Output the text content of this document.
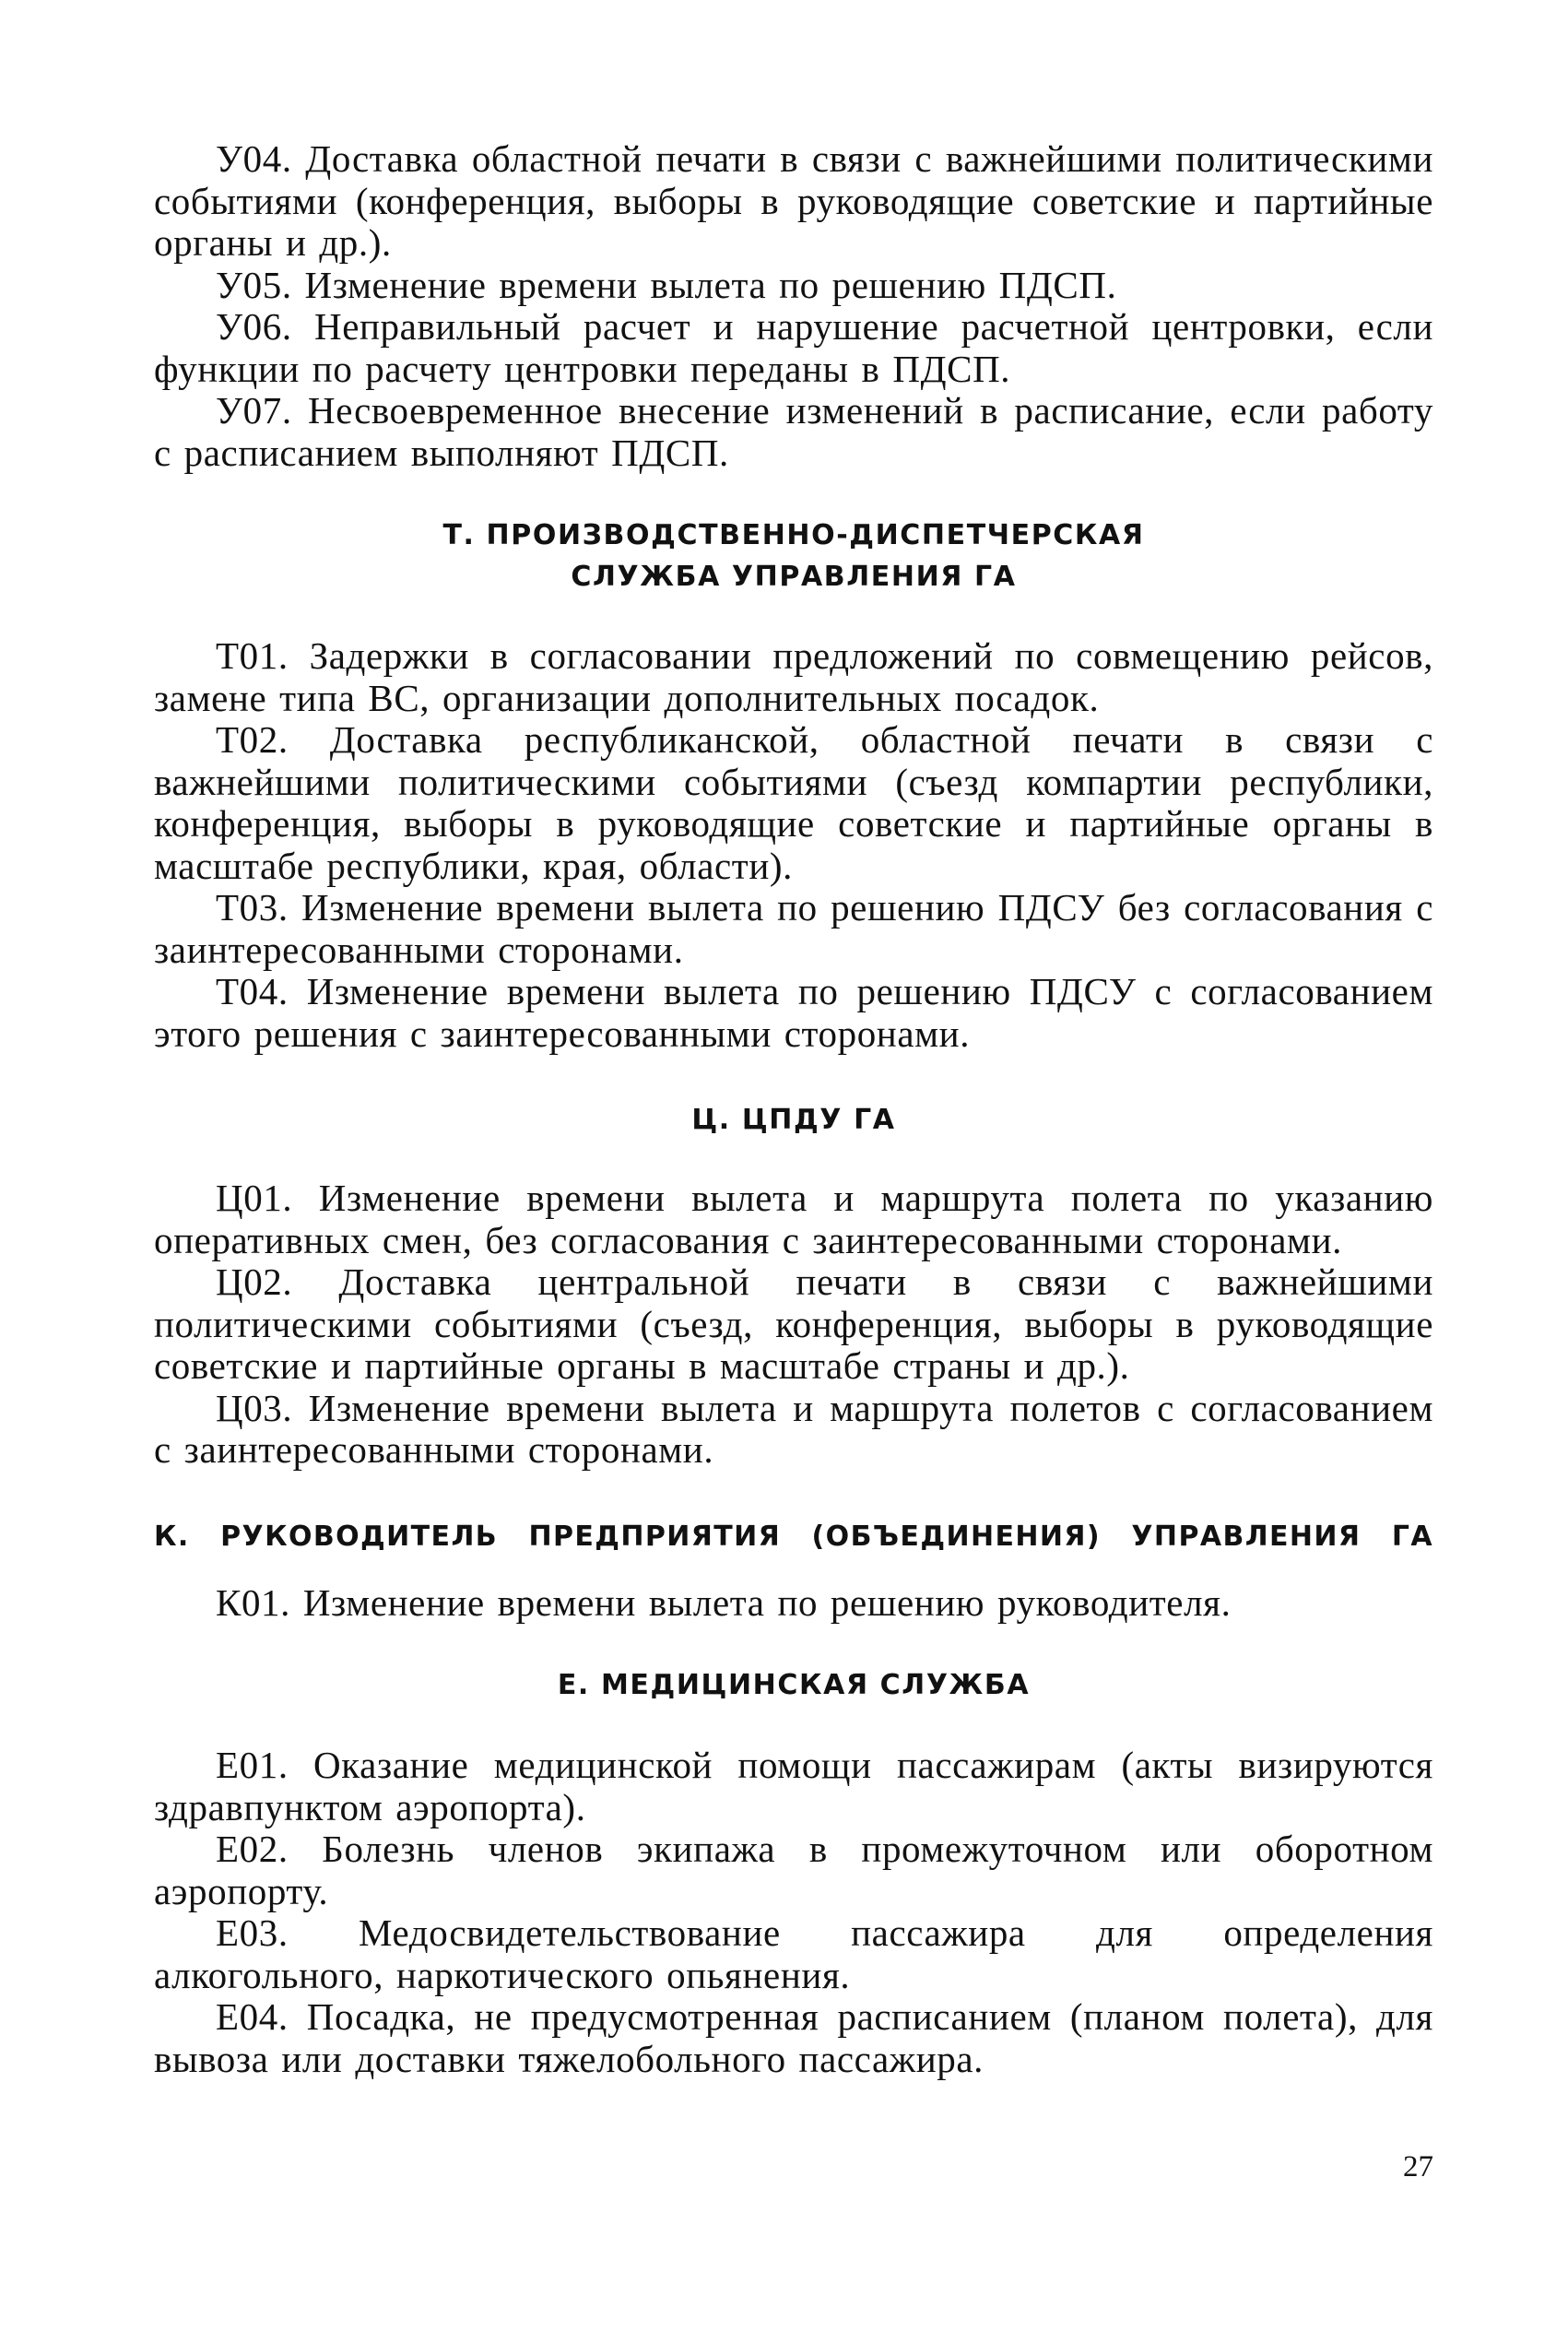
У04. Доставка областной печати в связи с важнейшими политическими событиями (конференция, выборы в руководящие советские и партийные органы и др.).

У05. Изменение времени вылета по решению ПДСП.

У06. Неправильный расчет и нарушение расчетной центровки, если функции по расчету центровки переданы в ПДСП.

У07. Несвоевременное внесение изменений в расписание, если работу с расписанием выполняют ПДСП.

Т. ПРОИЗВОДСТВЕННО-ДИСПЕТЧЕРСКАЯ
СЛУЖБА УПРАВЛЕНИЯ ГА

Т01. Задержки в согласовании предложений по совмещению рейсов, замене типа ВС, организации дополнительных посадок.

Т02. Доставка республиканской, областной печати в связи с важнейшими политическими событиями (съезд компартии республики, конференция, выборы в руководящие советские и партийные органы в масштабе республики, края, области).

Т03. Изменение времени вылета по решению ПДСУ без согласования с заинтересованными сторонами.

Т04. Изменение времени вылета по решению ПДСУ с согласованием этого решения с заинтересованными сторонами.

Ц. ЦПДУ ГА

Ц01. Изменение времени вылета и маршрута полета по указанию оперативных смен, без согласования с заинтересованными сторонами.

Ц02. Доставка центральной печати в связи с важнейшими политическими событиями (съезд, конференция, выборы в руководящие советские и партийные органы в масштабе страны и др.).

Ц03. Изменение времени вылета и маршрута полетов с согласованием с заинтересованными сторонами.

К. РУКОВОДИТЕЛЬ ПРЕДПРИЯТИЯ (ОБЪЕДИНЕНИЯ) УПРАВЛЕНИЯ ГА

К01. Изменение времени вылета по решению руководителя.

Е. МЕДИЦИНСКАЯ СЛУЖБА

Е01. Оказание медицинской помощи пассажирам (акты визируются здравпунктом аэропорта).

Е02. Болезнь членов экипажа в промежуточном или оборотном аэропорту.

Е03. Медосвидетельствование пассажира для определения алкогольного, наркотического опьянения.

Е04. Посадка, не предусмотренная расписанием (планом полета), для вывоза или доставки тяжелобольного пассажира.

27
